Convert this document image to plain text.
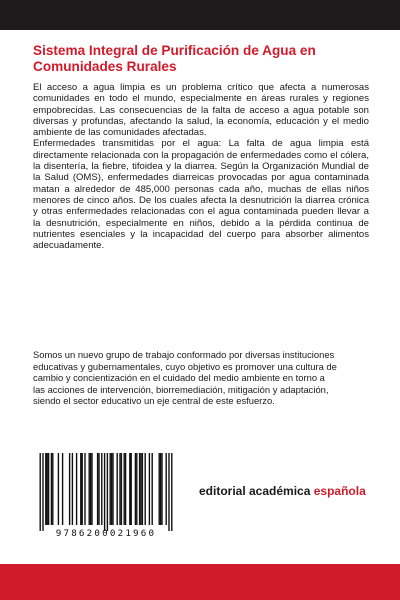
Sistema Integral de Purificación de Agua en Comunidades Rurales

El acceso a agua limpia es un problema crítico que afecta a numerosas comunidades en todo el mundo, especialmente en áreas rurales y regiones empobrecidas. Las consecuencias de la falta de acceso a agua potable son diversas y profundas, afectando la salud, la economía, educación y el medio ambiente de las comunidades afectadas.

Enfermedades transmitidas por el agua: La falta de agua limpia está directamente relacionada con la propagación de enfermedades como el cólera, la disentería, la fiebre, tifoidea y la diarrea. Según la Organización Mundial de la Salud (OMS), enfermedades diarreicas provocadas por agua contaminada matan a alrededor de 485,000 personas cada año, muchas de ellas niños menores de cinco años. De los cuales afecta la desnutrición la diarrea crónica y otras enfermedades relacionadas con el agua contaminada pueden llevar a la desnutrición, especialmente en niños, debido a la pérdida continua de nutrientes esenciales y la incapacidad del cuerpo para absorber alimentos adecuadamente.

Somos un nuevo grupo de trabajo conformado por diversas instituciones educativas y gubernamentales, cuyo objetivo es promover una cultura de cambio y concientización en el cuidado del medio ambiente en torno a las acciones de intervención, biorremediación, mitigación y adaptación, siendo el sector educativo un eje central de este esfuerzo.

9786200021960
editorial académica española
